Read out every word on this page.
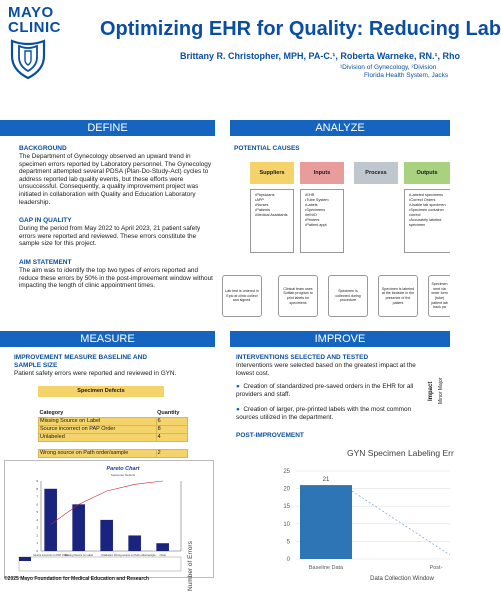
MAYO
CLINIC Optimizing EHR for Quality: Reducing Lab
Brittany R. Christopher, MPH, PA-C.¹, Roberta Warneke, RN.¹, Rho
¹Division of Gynecology, ²Division
Florida Health System, Jacks
DEFINE	ANALYZE
MEASURE	IMPROVE
BACKGROUND
The Department of Gynecology observed an upward trend in specimen errors reported by Laboratory personnel. The Gynecology department attempted several PDSA (Plan-Do-Study-Act) cycles to address reported lab quality events, but these efforts were unsuccessful. Consequently, a quality improvement project was initiated in collaboration with Quality and Education Laboratory leadership.
GAP IN QUALITY
During the period from May 2022 to April 2023, 21 patient safety errors were reported and reviewed. These errors constitute the sample size for this project.
AIM STATEMENT
The aim was to identify the top two types of errors reported and reduce these errors by 50% in the post-improvement window without impacting the length of clinic appointment times.
POTENTIAL CAUSES
Suppliers	Inputs	Process	Outputs
• Physicians
• APP
• Nurses
• Patients
• Medical Assistants
• EHR
• Tube System
• Labels
• Specimens
• leiNiO
• Printers
• Patient appt
• Labeled specimens
• Correct Orders
• Usable lab specimen
• Specimen container correct
• Accurately labeled specimen
Lab test is ordered in Epic at clinic collect and signed.
Clinical team uses Softlab program to print labels for specimens
Specimen is collected during procedure
Specimen is labeled at the bedside in the presence of the patient
Specimen sent via order form (tube) patient lab track pa
IMPROVEMENT MEASURE BASELINE AND
SAMPLE SIZE
Patient safety errors were reported and reviewed in GYN.
Specimen Defects
Category	Quantity
Missing Source on Label	6
Source incorrect on PAP Order	8
Unlabeled	4

Wrong source on Path order/sample	2
Pareto Chart
Specimen Defects
0
1
2
3
4
5
6
7
8
9
Source incorrect on PAP Order
Missing Source on Label	Unlabeled Wrong source on Path order/sample Other
©2025 Mayo Foundation for Medical Education and Research
INTERVENTIONS SELECTED AND TESTED
Interventions were selected based on the greatest impact at the lowest cost.
●  Creation of standardized pre-saved orders in the EHR for all providers and staff.
●  Creation of larger, pre-printed labels with the most common sources utilized in the department.
Impact Minor Major
POST-IMPROVEMENT
GYN Specimen Labeling Err
Number of Errors	Data Collection Window
0
5
10
15
20
25
Baseline Data
21
Post-
